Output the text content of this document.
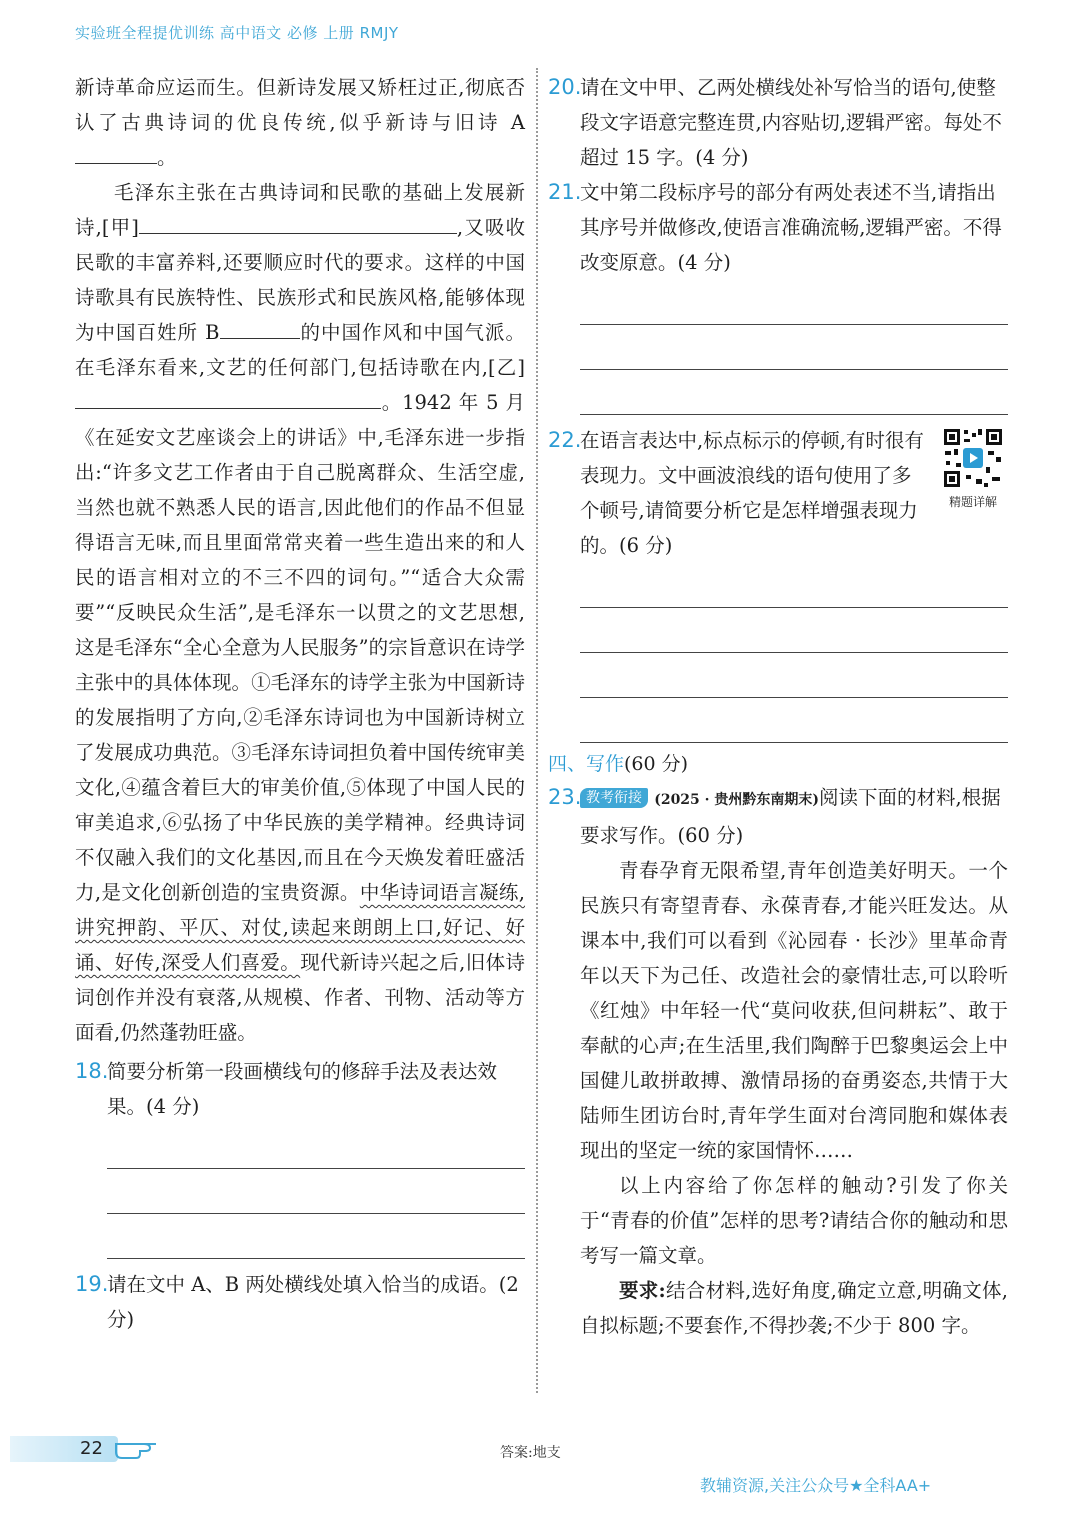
实验班全程提优训练 高中语文 必修 上册 RMJY

新诗革命应运而生。但新诗发展又矫枉过正,彻底否认了古典诗词的优良传统,似乎新诗与旧诗 A。

毛泽东主张在古典诗词和民歌的基础上发展新诗,[甲]	,又吸收民歌的丰富养料,还要顺应时代的要求。这样的中国诗歌具有民族特性、民族形式和民族风格,能够体现为中国百姓所 B	的中国作风和中国气派。在毛泽东看来,文艺的任何部门,包括诗歌在内,[乙]。1942 年 5 月《在延安文艺座谈会上的讲话》中,毛泽东进一步指出:“许多文艺工作者由于自己脱离群众、生活空虚,当然也就不熟悉人民的语言,因此他们的作品不但显得语言无味,而且里面常常夹着一些生造出来的和人民的语言相对立的不三不四的词句。”“适合大众需要”“反映民众生活”,是毛泽东一以贯之的文艺思想,这是毛泽东“全心全意为人民服务”的宗旨意识在诗学主张中的具体体现。①毛泽东的诗学主张为中国新诗的发展指明了方向,②毛泽东诗词也为中国新诗树立了发展成功典范。③毛泽东诗词担负着中国传统审美文化,④蕴含着巨大的审美价值,⑤体现了中国人民的审美追求,⑥弘扬了中华民族的美学精神。经典诗词不仅融入我们的文化基因,而且在今天焕发着旺盛活力,是文化创新创造的宝贵资源。中华诗词语言凝练,讲究押韵、平仄、对仗,读起来朗朗上口,好记、好诵、好传,深受人们喜爱。现代新诗兴起之后,旧体诗词创作并没有衰落,从规模、作者、刊物、活动等方面看,仍然蓬勃旺盛。

18.
简要分析第一段画横线句的修辞手法及表达效果。(4 分)

19.
请在文中 A、B 两处横线处填入恰当的成语。(2 分)

20.
请在文中甲、乙两处横线处补写恰当的语句,使整段文字语意完整连贯,内容贴切,逻辑严密。每处不超过 15 字。(4 分)

21.
文中第二段标序号的部分有两处表述不当,请指出其序号并做修改,使语言准确流畅,逻辑严密。不得改变原意。(4 分)

22.
在语言表达中,标点标示的停顿,有时很有表现力。文中画波浪线的语句使用了多个顿号,请简要分析它是怎样增强表现力的。(6 分)

精题详解

四、写作(60 分)

23. 教考衔接 (2025 · 贵州黔东南期末)阅读下面的材料,根据要求写作。(60 分)

青春孕育无限希望,青年创造美好明天。一个民族只有寄望青春、永葆青春,才能兴旺发达。从课本中,我们可以看到《沁园春 · 长沙》里革命青年以天下为己任、改造社会的豪情壮志,可以聆听《红烛》中年轻一代“莫问收获,但问耕耘”、敢于奉献的心声;在生活里,我们陶醉于巴黎奥运会上中国健儿敢拼敢搏、激情昂扬的奋勇姿态,共情于大陆师生团访台时,青年学生面对台湾同胞和媒体表现出的坚定一统的家国情怀……

以上内容给了你怎样的触动?引发了你关于“青春的价值”怎样的思考?请结合你的触动和思考写一篇文章。

要求:结合材料,选好角度,确定立意,明确文体,自拟标题;不要套作,不得抄袭;不少于 800 字。

22	答案:地支
教辅资源,关注公众号★全科AA+
